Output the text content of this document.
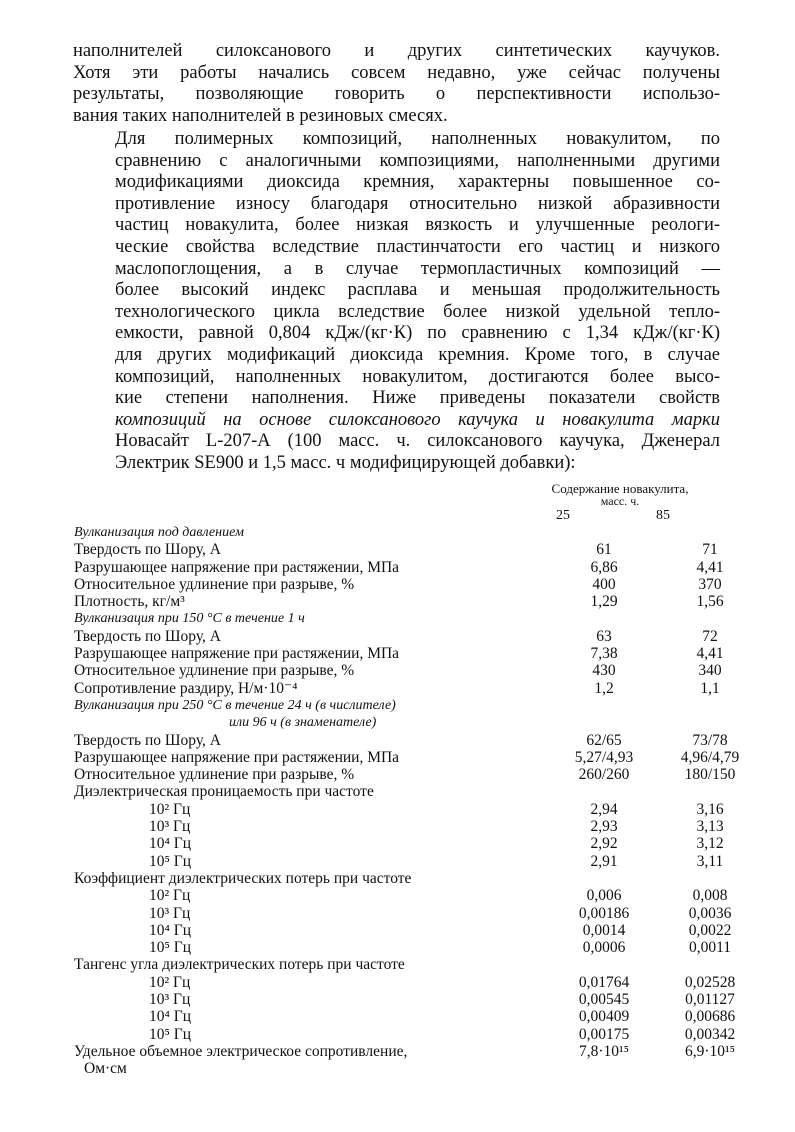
наполнителей силоксанового и других синтетических каучуков.
Хотя эти работы начались совсем недавно, уже сейчас получены
результаты, позволяющие говорить о перспективности использо-
вания таких наполнителей в резиновых смесях.
Для полимерных композиций, наполненных новакулитом, по
сравнению с аналогичными композициями, наполненными другими
модификациями диоксида кремния, характерны повышенное со-
противление износу благодаря относительно низкой абразивности
частиц новакулита, более низкая вязкость и улучшенные реологи-
ческие свойства вследствие пластинчатости его частиц и низкого
маслопоглощения, а в случае термопластичных композиций —
более высокий индекс расплава и меньшая продолжительность
технологического цикла вследствие более низкой удельной тепло-
емкости, равной 0,804 кДж/(кг·К) по сравнению с 1,34 кДж/(кг·К)
для других модификаций диоксида кремния. Кроме того, в случае
композиций, наполненных новакулитом, достигаются более высо-
кие степени наполнения. Ниже приведены показатели свойств
композиций на основе силоксанового каучука и новакулита марки
Новасайт L-207-А (100 масс. ч. силоксанового каучука, Дженерал
Электрик SE900 и 1,5 масс. ч модифицирующей добавки):
Содержание новакулита,
масс. ч.
25	85
Вулканизация под давлением
Твердость по Шору, А	61	71
Разрушающее напряжение при растяжении, МПа	6,86	4,41
Относительное удлинение при разрыве, %	400	370
Плотность, кг/м³	1,29	1,56
Вулканизация при 150 °С в течение 1 ч
Твердость по Шору, А	63	72
Разрушающее напряжение при растяжении, МПа	7,38	4,41
Относительное удлинение при разрыве, %	430	340
Сопротивление раздиру, Н/м·10⁻⁴	1,2	1,1
Вулканизация при 250 °С в течение 24 ч (в числителе)
или 96 ч (в знаменателе)
Твердость по Шору, А	62/65	73/78
Разрушающее напряжение при растяжении, МПа	5,27/4,93	4,96/4,79
Относительное удлинение при разрыве, %	260/260	180/150
Диэлектрическая проницаемость при частоте
10² Гц	2,94	3,16
10³ Гц	2,93	3,13
10⁴ Гц	2,92	3,12
10⁵ Гц	2,91	3,11
Коэффициент диэлектрических потерь при частоте
10² Гц	0,006	0,008
10³ Гц	0,00186	0,0036
10⁴ Гц	0,0014	0,0022
10⁵ Гц	0,0006	0,0011
Тангенс угла диэлектрических потерь при частоте
10² Гц	0,01764	0,02528
10³ Гц	0,00545	0,01127
10⁴ Гц	0,00409	0,00686
10⁵ Гц	0,00175	0,00342
Удельное объемное электрическое сопротивление,	7,8·10¹⁵	6,9·10¹⁵
Ом·см
